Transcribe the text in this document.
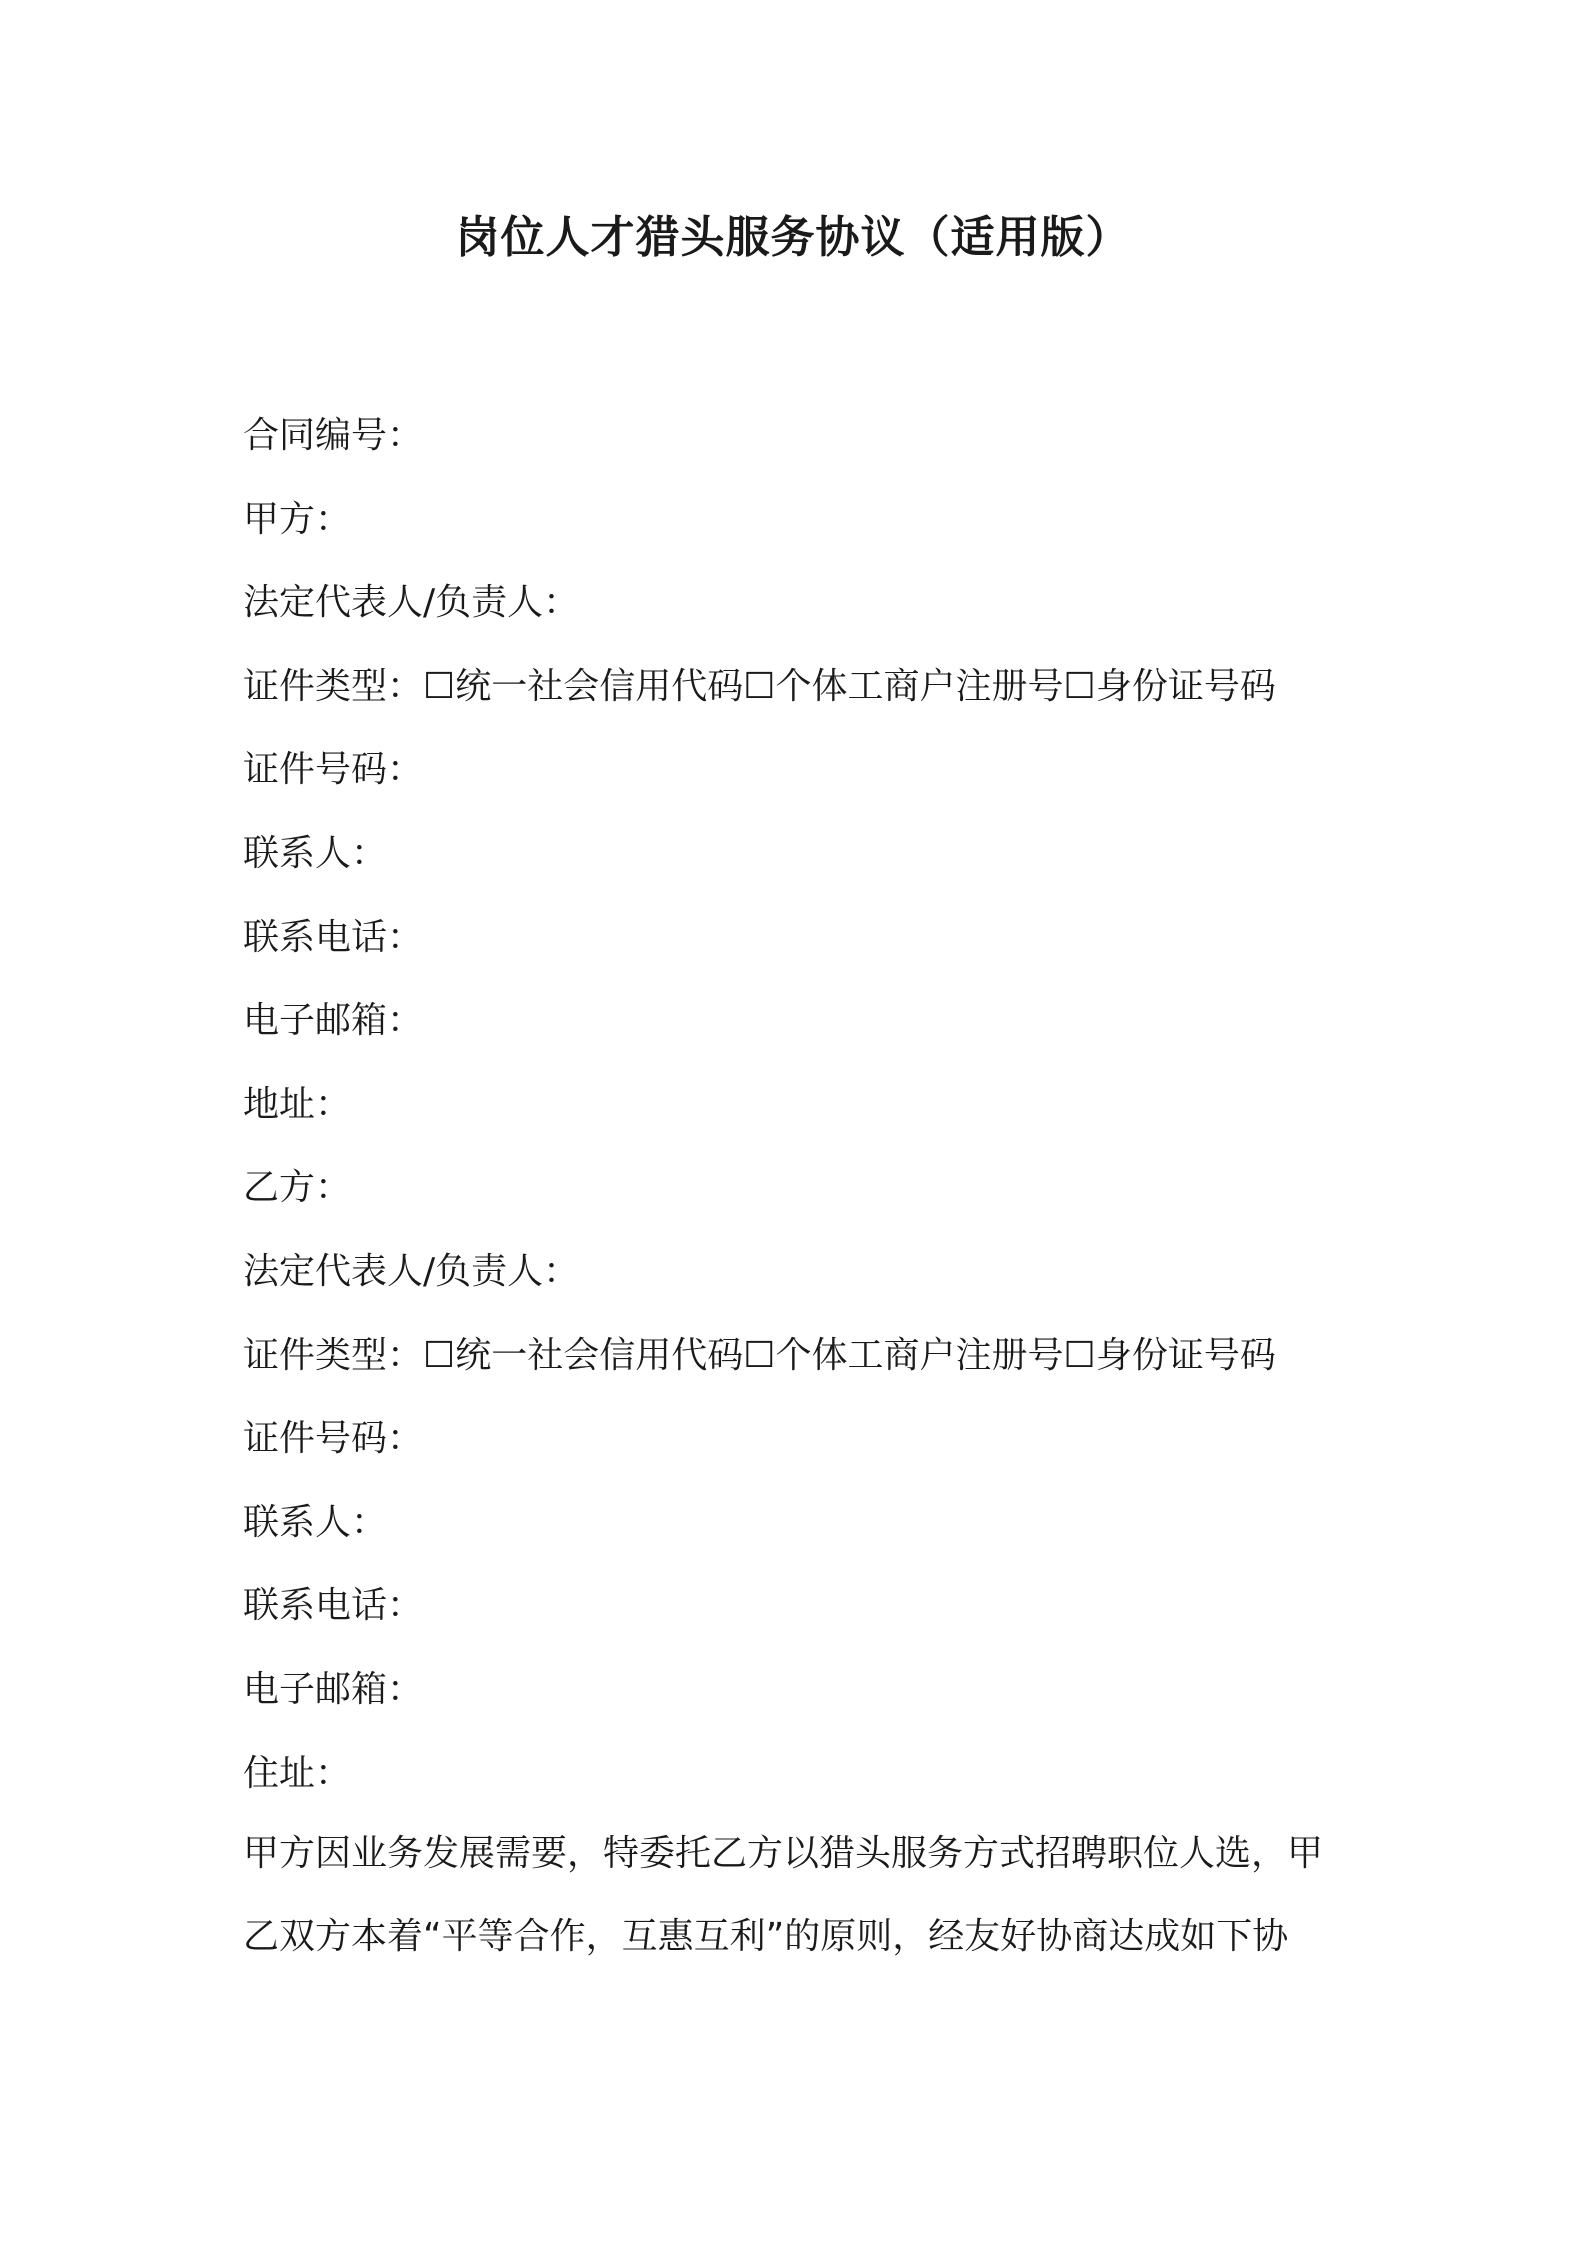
岗位人才猎头服务协议（适用版）
合同编号：
甲方：
法定代表人/负责人：
证件类型：☐统一社会信用代码☐个体工商户注册号☐身份证号码
证件号码：
联系人：
联系电话：
电子邮箱：
地址：
乙方：
法定代表人/负责人：
证件类型：☐统一社会信用代码☐个体工商户注册号☐身份证号码
证件号码：
联系人：
联系电话：
电子邮箱：
住址：
甲方因业务发展需要，特委托乙方以猎头服务方式招聘职位人选，甲
乙双方本着“平等合作，互惠互利”的原则，经友好协商达成如下协
